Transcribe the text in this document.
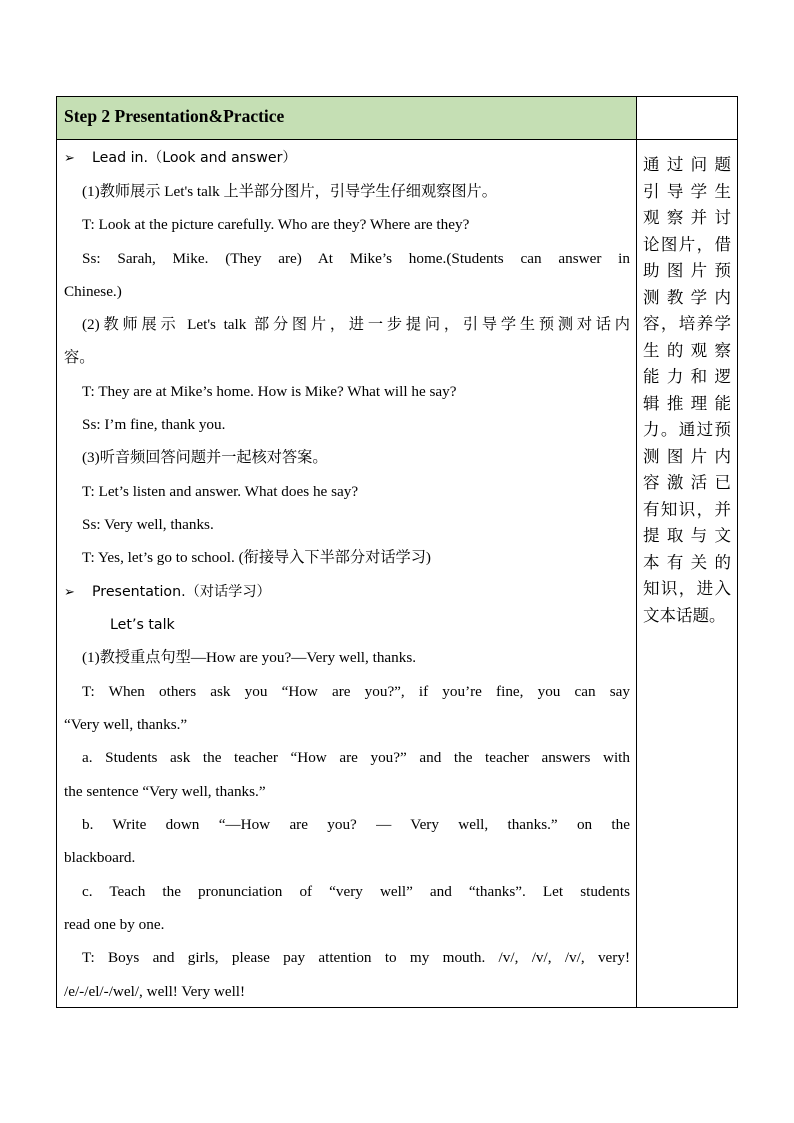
Step 2 Presentation&Practice
➢ Lead in.（Look and answer）
(1)教师展示 Let's talk 上半部分图片，引导学生仔细观察图片。
T: Look at the picture carefully. Who are they? Where are they?
Ss: Sarah, Mike. (They are) At Mike’s home.(Students can answer in
Chinese.)
(2)教师展示 Let's talk 部分图片，进一步提问，引导学生预测对话内
容。
T: They are at Mike’s home. How is Mike? What will he say?
Ss: I’m fine, thank you.
(3)听音频回答问题并一起核对答案。
T: Let’s listen and answer. What does he say?
Ss: Very well, thanks.
T: Yes, let’s go to school. (衔接导入下半部分对话学习)
➢ Presentation.（对话学习）
Let’s talk
(1)教授重点句型—How are you?—Very well, thanks.
T: When others ask you “How are you?”, if you’re fine, you can say
“Very well, thanks.”
a. Students ask the teacher “How are you?” and the teacher answers with
the sentence “Very well, thanks.”
b. Write down “—How are you? — Very well, thanks.” on the
blackboard.
c. Teach the pronunciation of “very well” and “thanks”. Let students
read one by one.
T: Boys and girls, please pay attention to my mouth. /v/, /v/, /v/, very!
/e/-/el/-/wel/, well! Very well!
通过问题
引导学生
观察并讨
论图片，借
助图片预
测教学内
容，培养学
生的观察
能力和逻
辑推理能
力。通过预
测图片内
容激活已
有知识，并
提取与文
本有关的
知识，进入
文本话题。
